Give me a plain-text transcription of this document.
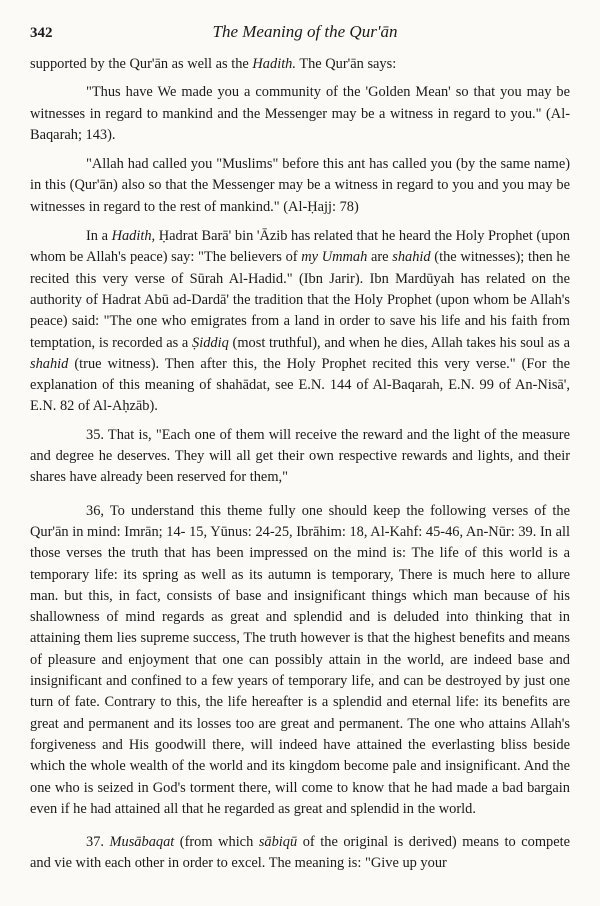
342	The Meaning of the Qur'ān

supported by the Qur'ān as well as the Hadith. The Qur'ān says:

"Thus have We made you a community of the 'Golden Mean' so that you may be witnesses in regard to mankind and the Messenger may be a witness in regard to you." (Al-Baqarah; 143).

"Allah had called you "Muslims" before this ant has called you (by the same name) in this (Qur'ān) also so that the Messenger may be a witness in regard to you and you may be witnesses in regard to the rest of mankind." (Al-Ḥajj: 78)

In a Hadith, Ḥadrat Barā' bin 'Āzib has related that he heard the Holy Prophet (upon whom be Allah's peace) say: "The believers of my Ummah are shahid (the witnesses); then he recited this very verse of Sūrah Al-Hadid." (Ibn Jarir). Ibn Mardūyah has related on the authority of Hadrat Abū ad-Dardā' the tradition that the Holy Prophet (upon whom be Allah's peace) said: "The one who emigrates from a land in order to save his life and his faith from temptation, is recorded as a Ṣiddiq (most truthful), and when he dies, Allah takes his soul as a shahid (true witness). Then after this, the Holy Prophet recited this very verse." (For the explanation of this meaning of shahādat, see E.N. 144 of Al-Baqarah, E.N. 99 of An-Nisā', E.N. 82 of Al-Aḥzāb).

35. That is, "Each one of them will receive the reward and the light of the measure and degree he deserves. They will all get their own respective rewards and lights, and their shares have already been reserved for them,"

36, To understand this theme fully one should keep the following verses of the Qur'ān in mind: Imrān; 14- 15, Yūnus: 24-25, Ibrāhim: 18, Al-Kahf: 45-46, An-Nūr: 39. In all those verses the truth that has been impressed on the mind is: The life of this world is a temporary life: its spring as well as its autumn is temporary, There is much here to allure man. but this, in fact, consists of base and insignificant things which man because of his shallowness of mind regards as great and splendid and is deluded into thinking that in attaining them lies supreme success, The truth however is that the highest benefits and means of pleasure and enjoyment that one can possibly attain in the world, are indeed base and insignificant and confined to a few years of temporary life, and can be destroyed by just one turn of fate. Contrary to this, the life hereafter is a splendid and eternal life: its benefits are great and permanent and its losses too are great and permanent. The one who attains Allah's forgiveness and His goodwill there, will indeed have attained the everlasting bliss beside which the whole wealth of the world and its kingdom become pale and insignificant. And the one who is seized in God's torment there, will come to know that he had made a bad bargain even if he had attained all that he regarded as great and splendid in the world.

37. Musābaqat (from which sābiqū of the original is derived) means to compete and vie with each other in order to excel. The meaning is: "Give up your
